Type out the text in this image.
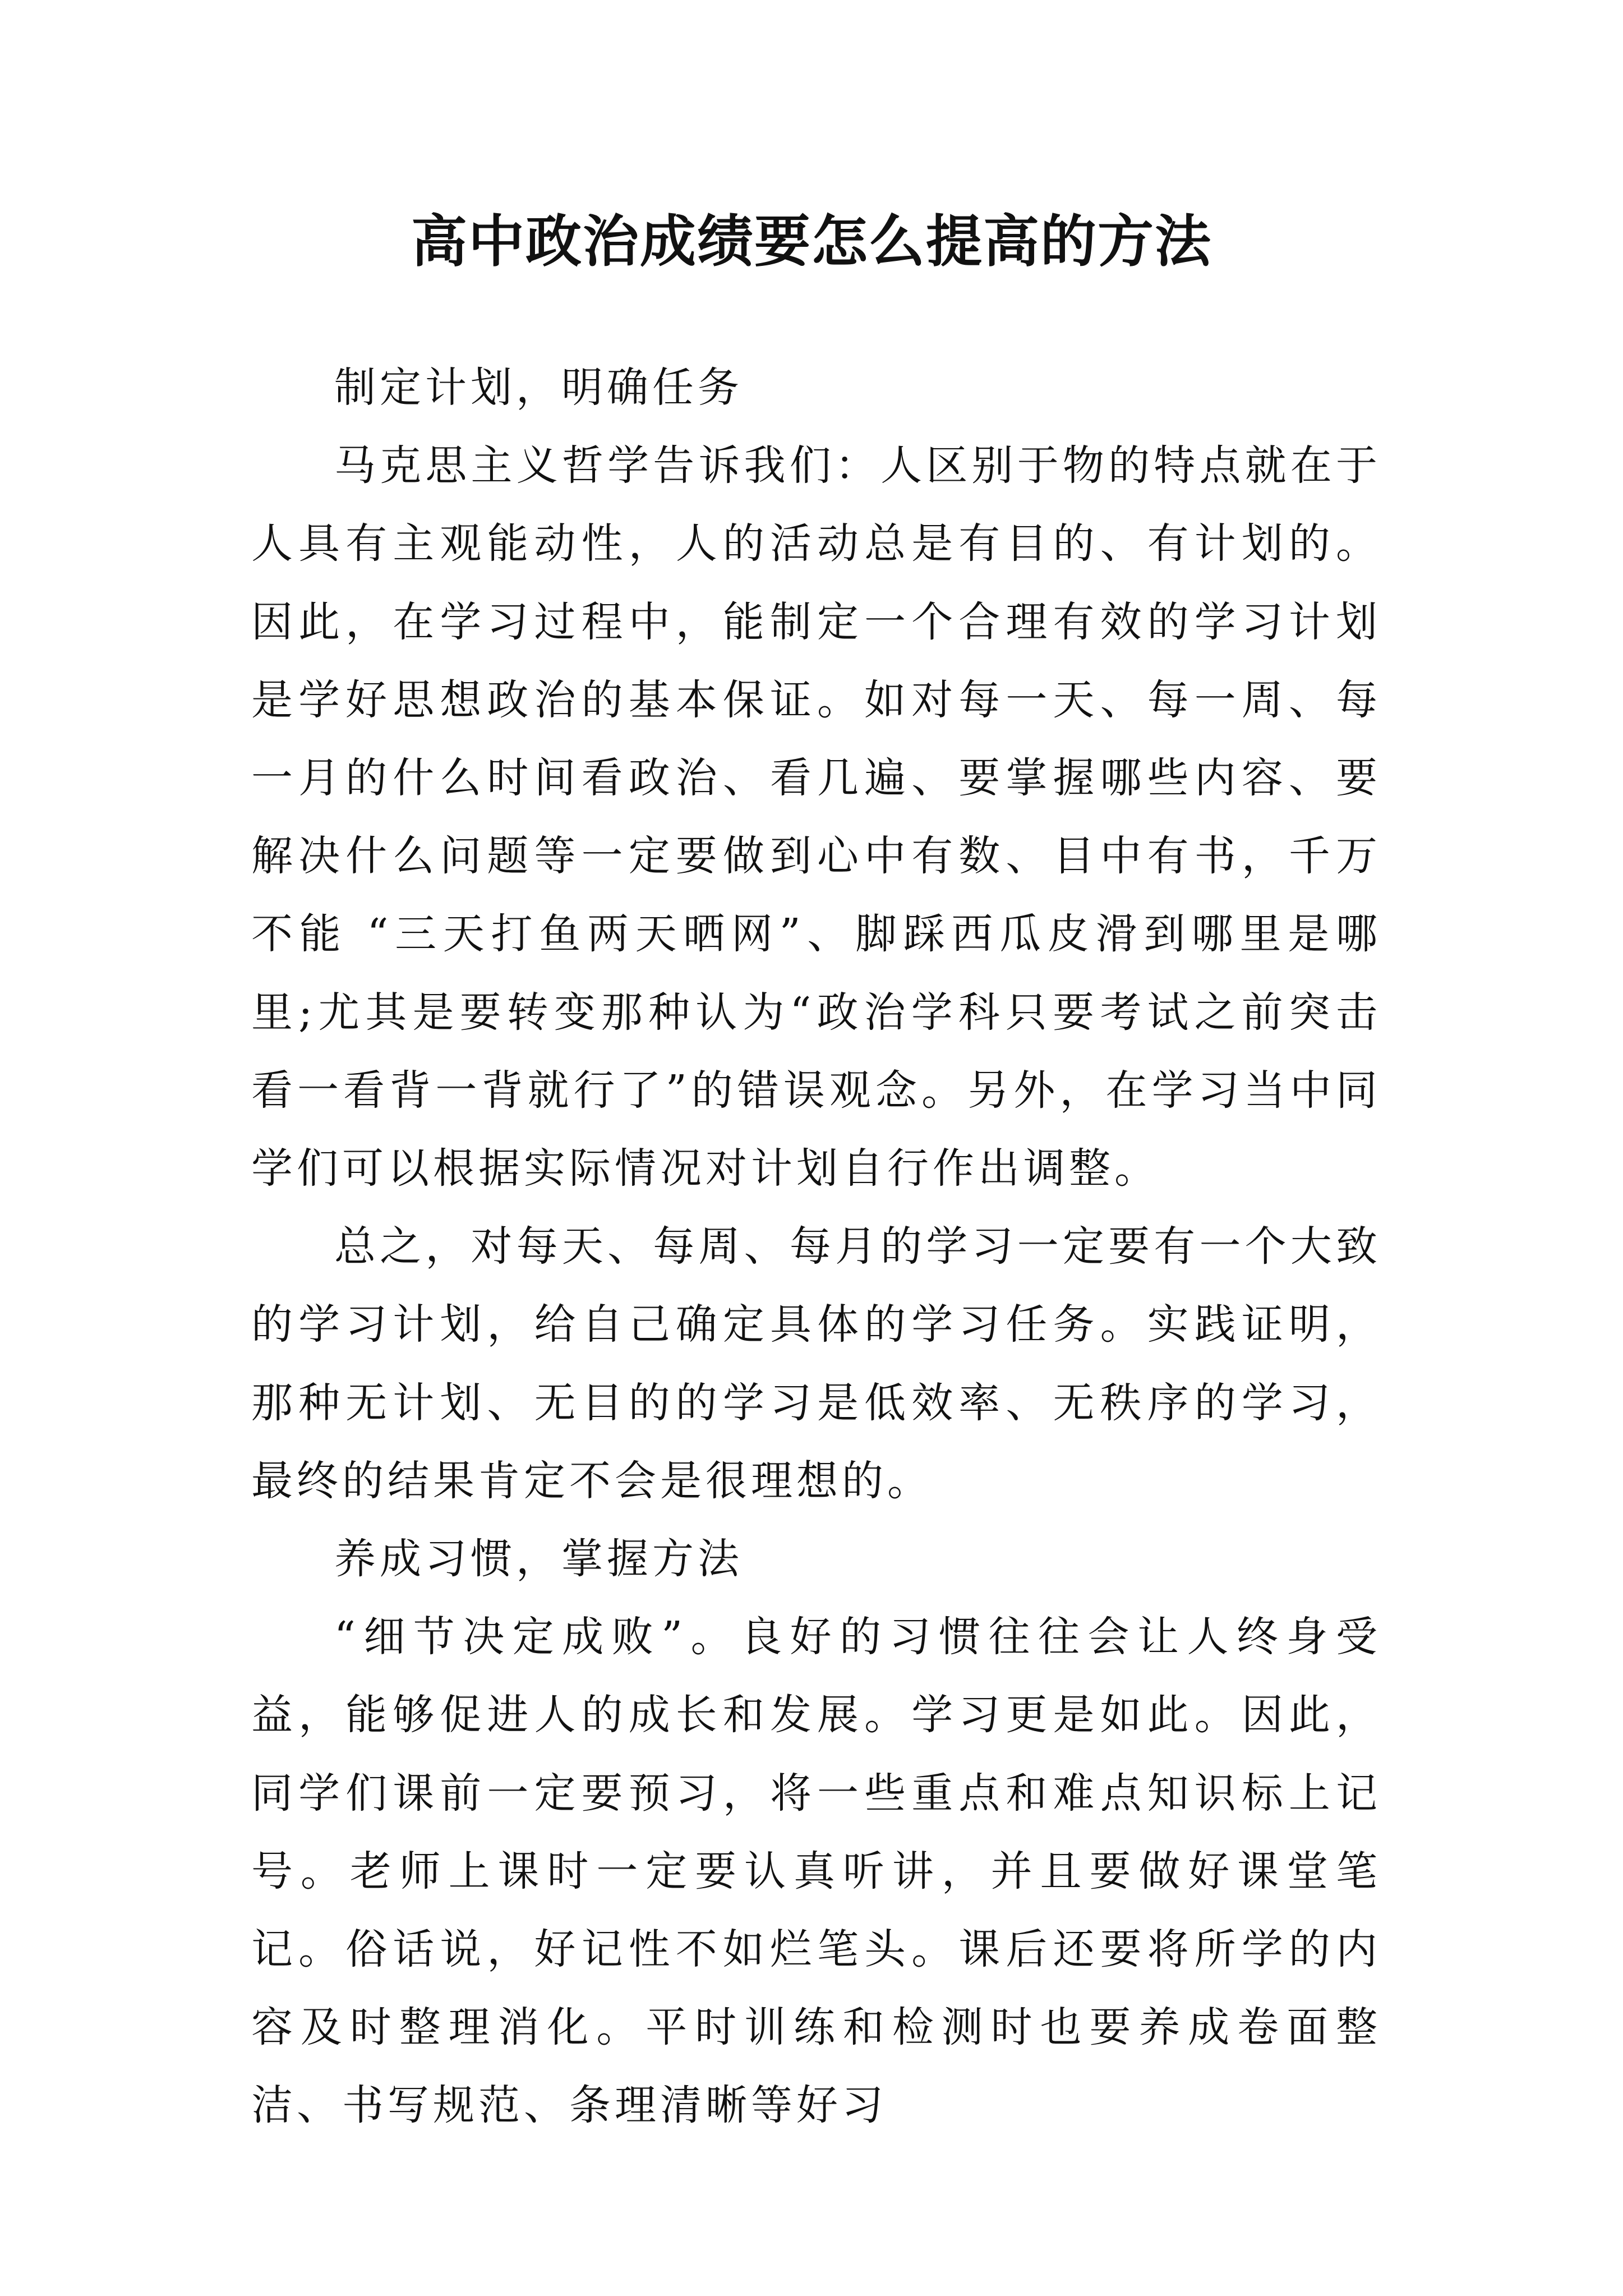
高中政治成绩要怎么提高的方法

制定计划，明确任务

马克思主义哲学告诉我们：人区别于物的特点就在于人具有主观能动性，人的活动总是有目的、有计划的。因此，在学习过程中，能制定一个合理有效的学习计划是学好思想政治的基本保证。如对每一天、每一周、每一月的什么时间看政治、看几遍、要掌握哪些内容、要解决什么问题等一定要做到心中有数、目中有书，千万不能 “三天打鱼两天晒网”、脚踩西瓜皮滑到哪里是哪里;尤其是要转变那种认为“政治学科只要考试之前突击看一看背一背就行了”的错误观念。另外，在学习当中同学们可以根据实际情况对计划自行作出调整。

总之，对每天、每周、每月的学习一定要有一个大致的学习计划，给自己确定具体的学习任务。实践证明，那种无计划、无目的的学习是低效率、无秩序的学习，最终的结果肯定不会是很理想的。

养成习惯，掌握方法

“细节决定成败”。良好的习惯往往会让人终身受益，能够促进人的成长和发展。学习更是如此。因此，同学们课前一定要预习，将一些重点和难点知识标上记号。老师上课时一定要认真听讲，并且要做好课堂笔记。俗话说，好记性不如烂笔头。课后还要将所学的内容及时整理消化。平时训练和检测时也要养成卷面整洁、书写规范、条理清晰等好习
